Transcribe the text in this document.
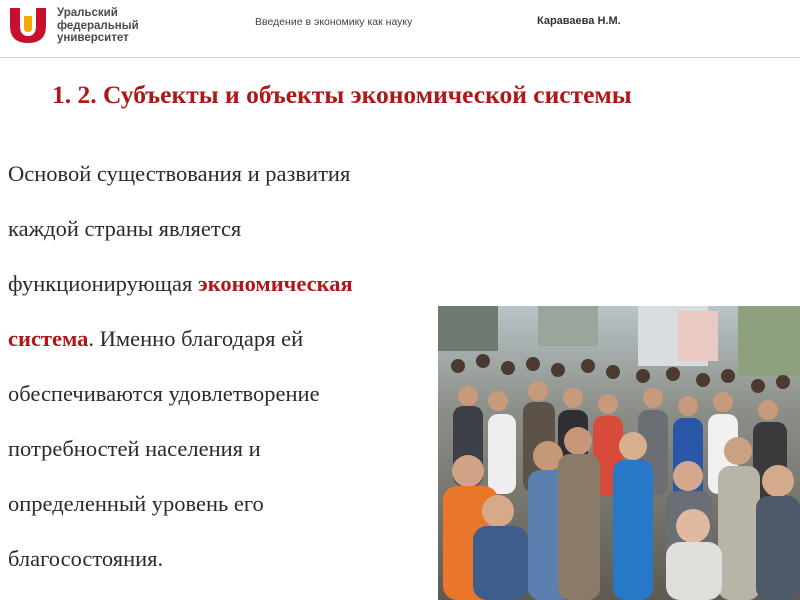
Уральский
федеральный
университет
Введение в экономику как науку	Караваева Н.М.
1. 2. Субъекты и объекты экономической системы
Основой существования и развития
каждой страны является
функционирующая экономическая
система. Именно благодаря ей
обеспечиваются удовлетворение
потребностей населения и
определенный уровень его
благосостояния.
